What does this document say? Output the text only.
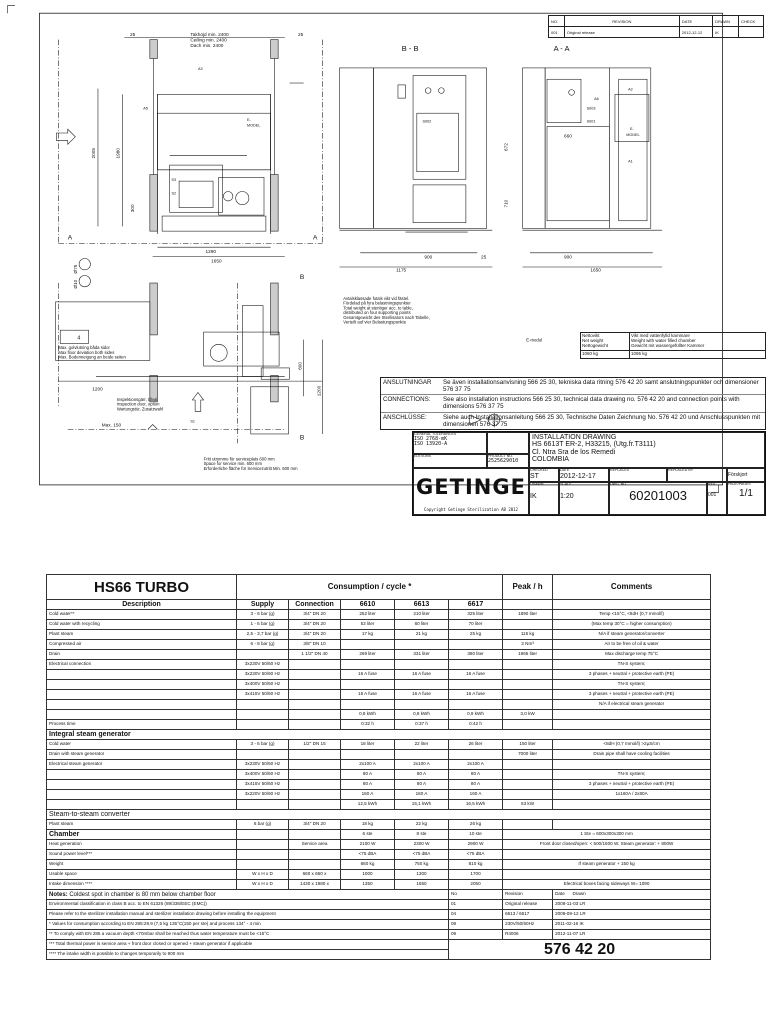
A	A
B - B	A - A
B
B
25	25
Takhöjd min. 2400
Ceiling min. 2400
Dach min. 2400
2005	1980
300
1290
1650
1175
900	25	900
1650
672
710
660
A5
A3
A2
A1
A6
S3
S2
S1
E-
MODEL
E-
MODEL
S002
S003
S001
Ø75
Ø10
1200
600
1200
Max. 150
4
Max. golvlutning båda sidor
Max floor deviation both sides
Max. Bodenneigung an beide seiten
Inspektionsgärr, tillval
Inspection door, option
Wartungstür, Zusatzwahl
Fritt utrymme för serviceplats 600 mm
Space for service min. 600 mm
Erforderliche fläche für Servicezutritt Min. 600 mm
Avtalsklassade fotals vikt vid fästel.
Fördelad på fyra belastningspunkter
Total weight at stentiger acc. to table,
distributed on four supporting points
Gesamtgewicht des Sterilisators nach Tabelle,
Verteilt auf vier Belastungspunkte
E-modul
Nettovikt
Net weight
Nettogewicht
Vikt med vattenfylld kammare
Weight with water filled chamber
Gewicht mit wassergefüllter Kammer
1060 kg	1095 kg
NO.	REVISION	DATE	DRAWN	CHECK
001	Original release	2012-12-12	IK	
ANSLUTNINGAR	Se även installationsanvisning 566 25 30, tekniska data ritning 576 42 20 samt anslutningspunkter och dimensioner 576 37 75
CONNECTIONS:	See also installation instructions 566 25 30, technical data drawing no. 576 42 20 and connection points with dimensions 576 37 75
ANSCHLÜSSE:	Siehe auch Installationsanleitung 566 25 30, Technische Daten Zeichnung No. 576 42 20 und Anschlusspunkten mit dimensionen 576 37 75
GENERAL TOLERANCES
ISO 2768-mK
ISO 13920-A
EDITIONS	PRODUCT NO.
2525629010
INSTALLATION DRAWING
HS 6613T ER-2, H33215, (Utg.fr.T3111)
Cl. Ntra Sra de los Remedi
COLOMBIA
GETINGE
Copyright Getinge Sterilization AB 2012
CHECKED
ST
DATE
2012-12-17
REPLACES	REPLACED BY
Förskjort
DRAWN
IK
SCALE
1:20
DWG. NO.
60201003
REV.
001
PAGE/PAGES
1/1
HS66 TURBO	Consumption / cycle *					Peak / h	Comments
Description	Supply	Connection	6610	6613	6617		
Cold water**	3 - 6 bar (g)	3/4" DN 20	252 liter	210 liter	325 liter	1890 liter	Temp <15°C, <8dH (0,7 mmol/l)
Cold water with recycling	1 - 6 bar (g)	3/4" DN 20	53 liter	60 liter	70 liter		(Max temp 30°C = higher consumption)
Plant steam	2,5 - 3,7 bar (g)	3/4" DN 20	17 kg	21 kg	25 kg	115 kg	N/A if steam generator/converter
Compressed air	6 - 8 bar (g)	3/8" DN 10				3 Nm³	Air to be free of oil & water
Drain		1 1/2" DN 40	269 liter	331 liter	380 liter	1965 liter	Max discharge temp 75°C
Electrical connection	3x230V 50/60 Hz						TN-S system;
	3x230V 50/60 Hz		16 A fuse	16 A fuse	16 A fuse		3 phases + neutral + protective earth (PE)
	3x400V 50/60 Hz						TN-S system;
	3x415V 50/60 Hz		16 A fuse	16 A fuse	16 A fuse		3 phases + neutral + protective earth (PE)
							N/A if electrical steam generator
			0,8 kWh	0,8 kWh	0,9 kWh	3,0 kW	
Process time			0:32 h	0:37 h	0:42 h		
Integral steam generator							
Cold water	3 - 6 bar (g)	1/2" DN 15	18 liter	22 liter	26 liter	150 liter	<8dH (0,7 mmol/l) >2µS/cm
Drain with steam generator						7000 liter	Drain pipe shall have cooling facilities
Electrical steam generator	3x230V 50/60 Hz		2x100 A	2x100 A	2x100 A		
	3x400V 50/60 Hz		80 A	80 A	80 A		TN-S system;
	3x415V 50/60 Hz		80 A	80 A	80 A		3 phases + neutral + protective earth (PE)
	3x220V 50/60 Hz		160 A	160 A	160 A		1x160A / 2x80A
			12,5 kWh	15,1 kWh	16,5 kWh	53 kW	
Steam-to-steam converter							
Plant steam	6 bar (g)	3/4" DN 20	18 kg	22 kg	26 kg		
Chamber			6 ste	8 ste	10 ste	1 Ste = 600x300x300 mm	
Heat generation		Service area	2100 W	2300 W	2900 W	Front door closed/open: < 500/1600 W. Steam generator: + 800W	
Sound power level***			<75 dBA	<75 dBA	<75 dBA		
Weight			660 kg	750 kg	810 kg	If steam generator + 150 kg	
Usable space	W x H x D	660 x 660 x	1000	1300	1700		
Intake dimension ****	W x H x D	1430 x 1980 x	1350	1650	2050	Electrical boxes facing sideways W= 1090	
Notes: Coldest spot in chamber is 80 mm below chamber floor					No	Revision	Date Drawn
Environmental classification in class B acc. to EN 61326 (89/336/EEC (EMC))					01	Original release	2008-11-03 LR
Please refer to the sterilizer installation manual and sterilizer installation drawing before installing the equipment					04	6613 / 6617	2009-09-12 LR
* Values for consumption according to EN 285:29.9 (7,5 kg 135°C(150 per ste) and process 134° - 4 min					08	230V/50/60Hz	2011-02-16 IK
** To comply with EN 285 a vacuum depth <70mbar shall be reached thus water temperature must be <15°C					09	R4006	2012-11-07 LR
*** Total thermal power is service area + front door closed or opened + steam generator if applicable					576 42 20		
**** The intake width is possible to changes temporarily to 900 mm							
